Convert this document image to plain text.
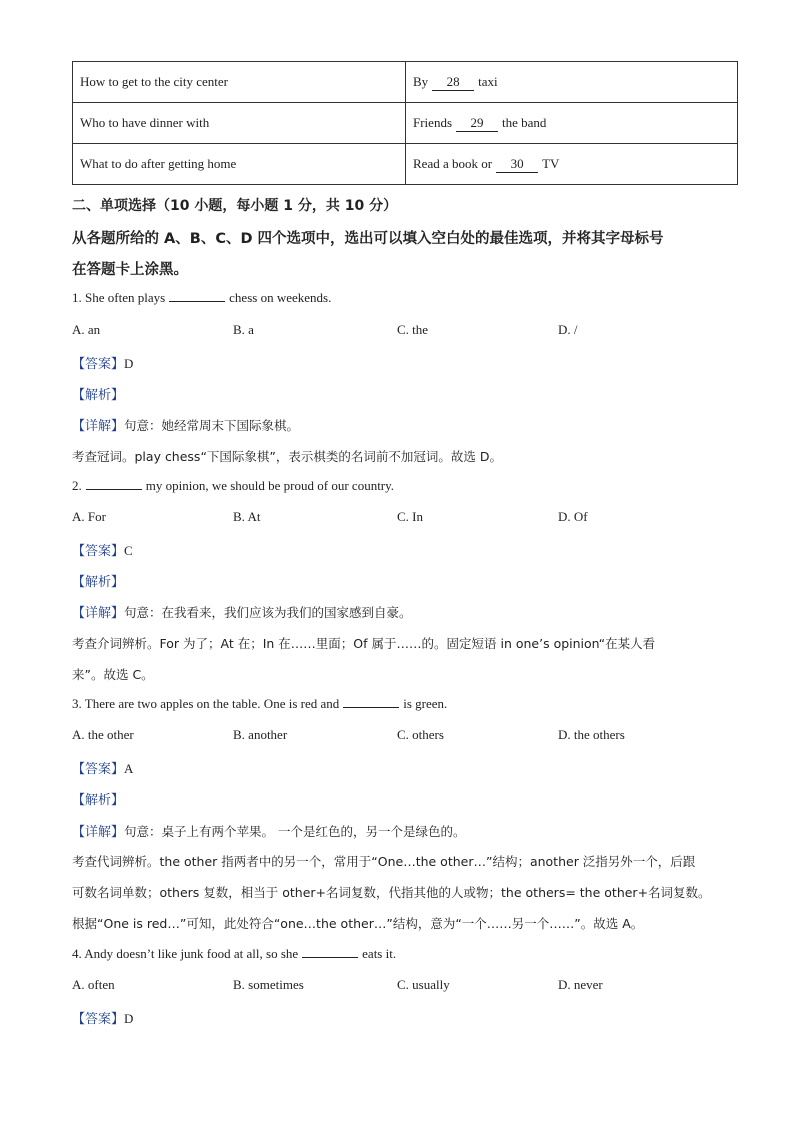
How to get to the city center	By 28 taxi
Who to have dinner with	Friends 29 the band
What to do after getting home	Read a book or 30 TV
二、单项选择（10 小题，每小题 1 分，共 10 分）
从各题所给的 A、B、C、D 四个选项中，选出可以填入空白处的最佳选项，并将其字母标号
在答题卡上涂黑。
1. She often plays	chess on weekends.
A. an	B. a	C. the	D. /
【答案】D
【解析】
【详解】句意：她经常周末下国际象棋。
考查冠词。play chess“下国际象棋”，表示棋类的名词前不加冠词。故选 D。
2.	my opinion, we should be proud of our country.
A. For	B. At	C. In	D. Of
【答案】C
【解析】
【详解】句意：在我看来，我们应该为我们的国家感到自豪。
考查介词辨析。For 为了；At 在；In 在……里面；Of 属于……的。固定短语 in one’s opinion“在某人看
来”。故选 C。
3. There are two apples on the table. One is red and	is green.
A. the other	B. another	C. others	D. the others
【答案】A
【解析】
【详解】句意：桌子上有两个苹果。 一个是红色的，另一个是绿色的。
考查代词辨析。the other 指两者中的另一个，常用于“One…the other…”结构；another 泛指另外一个，后跟
可数名词单数；others 复数，相当于 other+名词复数，代指其他的人或物；the others= the other+名词复数。
根据“One is red…”可知，此处符合“one…the other…”结构，意为“一个……另一个……”。故选 A。
4. Andy doesn’t like junk food at all, so she	eats it.
A. often	B. sometimes	C. usually	D. never
【答案】D
